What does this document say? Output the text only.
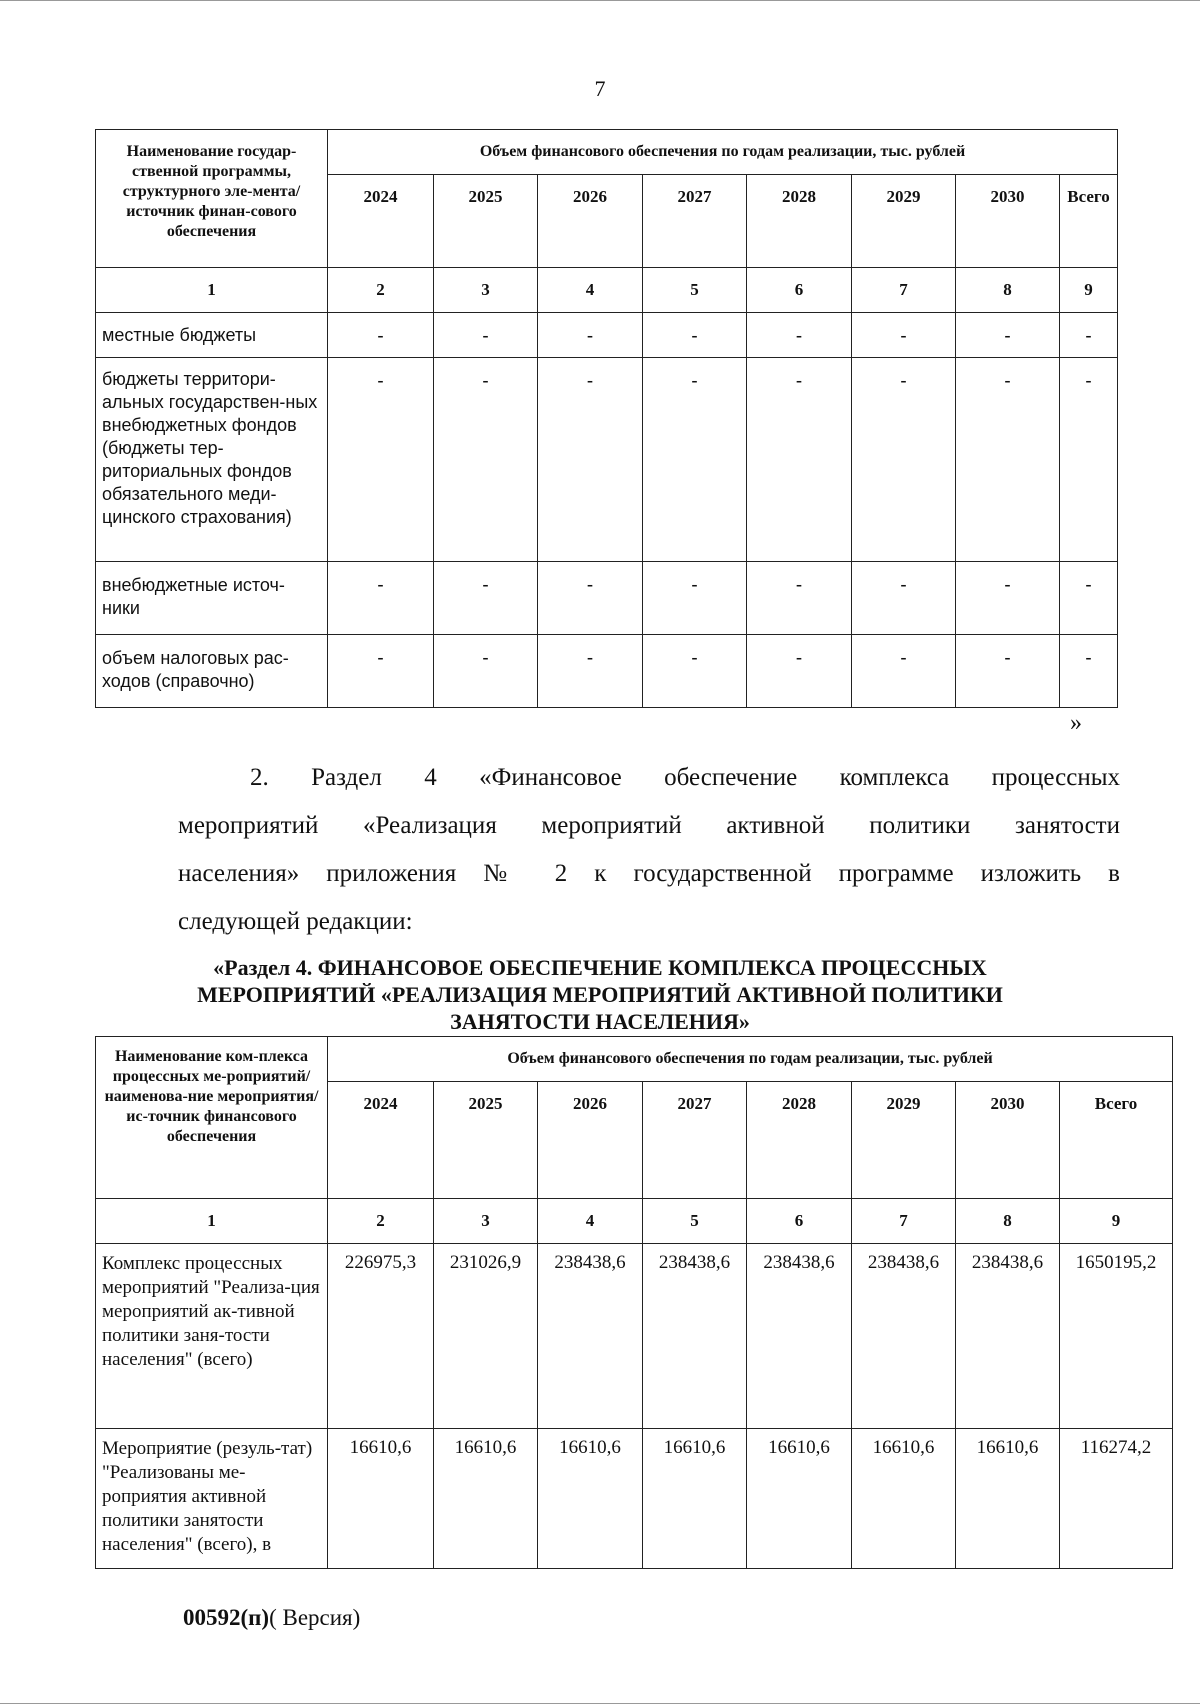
7
Наименование государ-ственной программы, структурного эле-мента/источник финан-сового обеспечения	Объем финансового обеспечения по годам реализации, тыс. рублей							
	2024	2025	2026	2027	2028	2029	2030	Всего
1	2	3	4	5	6	7	8	9
местные бюджеты	-	-	-	-	-	-	-	-
бюджеты территори-альных государствен-ных внебюджетных фондов (бюджеты тер-риториальных фондов обязательного меди-цинского страхования)	-	-	-	-	-	-	-	-
внебюджетные источ-ники	-	-	-	-	-	-	-	-
объем налоговых рас-ходов (справочно)	-	-	-	-	-	-	-	-
»
2. Раздел 4 «Финансовое обеспечение комплекса процессных
мероприятий «Реализация мероприятий активной политики занятости
населения» приложения № 2 к государственной программе изложить в
следующей редакции:
«Раздел 4. ФИНАНСОВОЕ ОБЕСПЕЧЕНИЕ КОМПЛЕКСА ПРОЦЕССНЫХ
МЕРОПРИЯТИЙ «РЕАЛИЗАЦИЯ МЕРОПРИЯТИЙ АКТИВНОЙ ПОЛИТИКИ
ЗАНЯТОСТИ НАСЕЛЕНИЯ»
Наименование ком-плекса процессных ме-роприятий/наименова-ние мероприятия/ис-точник финансового обеспечения	Объем финансового обеспечения по годам реализации, тыс. рублей							
	2024	2025	2026	2027	2028	2029	2030	Всего
1	2	3	4	5	6	7	8	9
Комплекс процессных мероприятий "Реализа-ция мероприятий ак-тивной политики заня-тости населения" (всего)	226975,3	231026,9	238438,6	238438,6	238438,6	238438,6	238438,6	1650195,2
Мероприятие (резуль-тат) "Реализованы ме-роприятия активной политики занятости населения" (всего), в	16610,6	16610,6	16610,6	16610,6	16610,6	16610,6	16610,6	116274,2
00592(п)( Версия)
